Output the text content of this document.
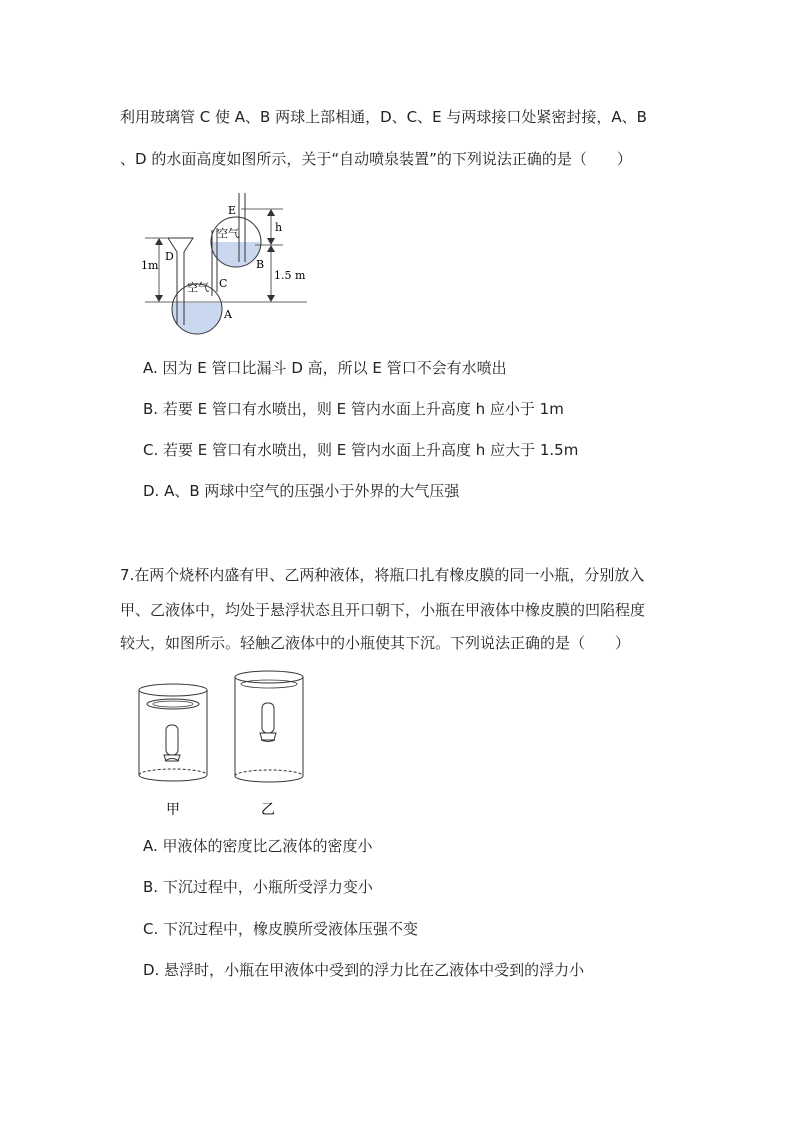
利用玻璃管 C 使 A、B 两球上部相通，D、C、E 与两球接口处紧密封接，A、B
、D 的水面高度如图所示，关于“自动喷泉装置”的下列说法正确的是（　　）
E
h
空气
D
1m	B
1.5 m
空气 C
A
A. 因为 E 管口比漏斗 D 高，所以 E 管口不会有水喷出
B. 若要 E 管口有水喷出，则 E 管内水面上升高度 h 应小于 1m
C. 若要 E 管口有水喷出，则 E 管内水面上升高度 h 应大于 1.5m
D. A、B 两球中空气的压强小于外界的大气压强
7.在两个烧杯内盛有甲、乙两种液体，将瓶口扎有橡皮膜的同一小瓶，分别放入
甲、乙液体中，均处于悬浮状态且开口朝下，小瓶在甲液体中橡皮膜的凹陷程度
较大，如图所示。轻触乙液体中的小瓶使其下沉。下列说法正确的是（　　）
甲	乙
A. 甲液体的密度比乙液体的密度小
B. 下沉过程中，小瓶所受浮力变小
C. 下沉过程中，橡皮膜所受液体压强不变
D. 悬浮时，小瓶在甲液体中受到的浮力比在乙液体中受到的浮力小
